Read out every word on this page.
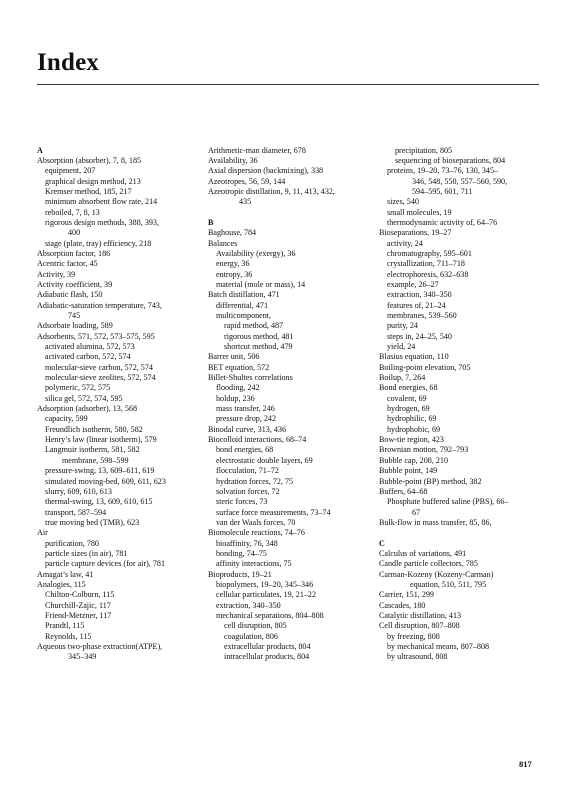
Index
A
Absorption (absorber), 7, 8, 185
equipment, 207
graphical design method, 213
Kremser method, 185, 217
minimum absorbent flow rate, 214
reboiled, 7, 8, 13
rigorous design methods, 388, 393,
400
stage (plate, tray) efficiency, 218
Absorption factor, 186
Acentric factor, 45
Activity, 39
Activity coefficient, 39
Adiabatic flash, 150
Adiabatic-saturation temperature, 743,
745
Adsorbate loading, 589
Adsorbents, 571, 572, 573–575, 595
activated alumina, 572, 573
activated carbon, 572, 574
molecular-sieve carbon, 572, 574
molecular-sieve zeolites, 572, 574
polymeric, 572, 575
silica gel, 572, 574, 595
Adsorption (adsorber), 13, 568
capacity, 599
Freundlich isotherm, 580, 582
Henry’s law (linear isotherm), 579
Langmuir isotherm, 581, 582
membrane, 598–599
pressure-swing, 13, 609–611, 619
simulated moving-bed, 609, 611, 623
slurry, 609, 610, 613
thermal-swing, 13, 609, 610, 615
transport, 587–594
true moving bed (TMB), 623
Air
purification, 780
particle sizes (in air), 781
particle capture devices (for air), 781
Amagat’s law, 41
Analogies, 115
Chilton-Colburn, 115
Churchill-Zajic, 117
Friend-Metzner, 117
Prandtl, 115
Reynolds, 115
Aqueous two-phase extraction(ATPE),
345–349
Arithmetic-man diameter, 678
Availability, 36
Axial dispersion (backmixing), 338
Azeotropes, 56, 59, 144
Azeotropic distillation, 9, 11, 413, 432,
435
B
Baghouse, 784
Balances
Availability (exergy), 36
energy, 36
entropy, 36
material (mole or mass), 14
Batch distillation, 471
differential, 471
multicomponent,
rapid method, 487
rigorous method, 481
shortcut method, 479
Barrer unit, 506
BET equation, 572
Billet-Shultes correlations
flooding, 242
holdup, 236
mass transfer, 246
pressure drop, 242
Binodal curve, 313, 436
Biocolloid interactions, 68–74
bond energies, 68
electrostatic double layers, 69
flocculation, 71–72
hydration forces, 72, 75
solvation forces, 72
steric forces, 73
surface force measurements, 73–74
van der Waals forces, 70
Biomolecule reactions, 74–76
bioaffinity, 76, 348
bonding, 74–75
affinity interactions, 75
Bioproducts, 19–21
biopolymers, 19–20, 345–346
cellular particulates, 19, 21–22
extraction, 340–350
mechanical separations, 804–808
cell disruption, 805
coagulation, 806
extracellular products, 804
intracellular products, 804
precipitation, 805
sequencing of bioseparations, 804
proteins, 19–20, 73–76, 130, 345–
346, 548, 550, 557–560, 590,
594–595, 601, 711
sizes, 540
small molecules, 19
thermodynamic activity of, 64–76
Bioseparations, 19–27
activity, 24
chromatography, 595–601
crystallization, 711–718
electrophoresis, 632–638
example, 26–27
extraction, 340–350
features of, 21–24
membranes, 539–560
purity, 24
steps in, 24–25, 540
yield, 24
Blasius equation, 110
Boiling-point elevation, 705
Boilup, 7, 264
Bond energies, 68
covalent, 69
hydrogen, 69
hydrophilic, 69
hydrophobic, 69
Bow-tie region, 423
Brownian motion, 792–793
Bubble cap, 208, 210
Bubble point, 149
Bubble-point (BP) method, 382
Buffers, 64–68
Phosphate buffered saline (PBS), 66–
67
Bulk-flow in mass transfer, 85, 86,
C
Calculus of variations, 491
Candle particle collectors, 785
Carman-Kozeny (Kozeny-Carman)
equation, 510, 511, 795
Carrier, 151, 299
Cascades, 180
Catalytic distillation, 413
Cell disruption, 807–808
by freezing, 808
by mechanical means, 807–808
by ultrasound, 808
817
